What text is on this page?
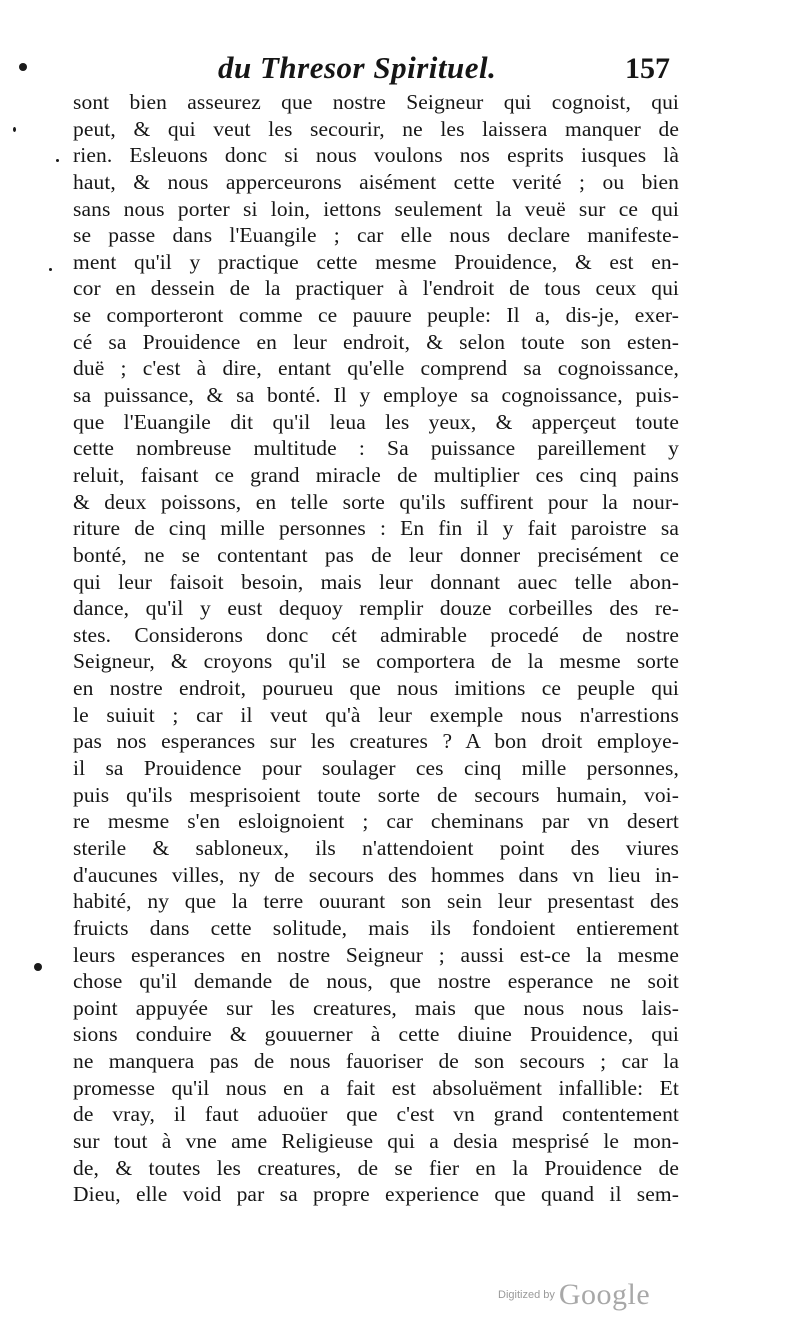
du Thresor Spirituel.	157
sont bien asseurez que nostre Seigneur qui cognoist, qui
peut, & qui veut les secourir, ne les laissera manquer de
rien. Esleuons donc si nous voulons nos esprits iusques là
haut, & nous apperceurons aisément cette verité ; ou bien
sans nous porter si loin, iettons seulement la veuë sur ce qui
se passe dans l'Euangile ; car elle nous declare manifeste-
ment qu'il y practique cette mesme Prouidence, & est en-
cor en dessein de la practiquer à l'endroit de tous ceux qui
se comporteront comme ce pauure peuple: Il a, dis-je, exer-
cé sa Prouidence en leur endroit, & selon toute son esten-
duë ; c'est à dire, entant qu'elle comprend sa cognoissance,
sa puissance, & sa bonté. Il y employe sa cognoissance, puis-
que l'Euangile dit qu'il leua les yeux, & apperçeut toute
cette nombreuse multitude : Sa puissance pareillement y
reluit, faisant ce grand miracle de multiplier ces cinq pains
& deux poissons, en telle sorte qu'ils suffirent pour la nour-
riture de cinq mille personnes : En fin il y fait paroistre sa
bonté, ne se contentant pas de leur donner precisément ce
qui leur faisoit besoin, mais leur donnant auec telle abon-
dance, qu'il y eust dequoy remplir douze corbeilles des re-
stes. Considerons donc cét admirable procedé de nostre
Seigneur, & croyons qu'il se comportera de la mesme sorte
en nostre endroit, pourueu que nous imitions ce peuple qui
le suiuit ; car il veut qu'à leur exemple nous n'arrestions
pas nos esperances sur les creatures ? A bon droit employe-
il sa Prouidence pour soulager ces cinq mille personnes,
puis qu'ils mesprisoient toute sorte de secours humain, voi-
re mesme s'en esloignoient ; car cheminans par vn desert
sterile & sabloneux, ils n'attendoient point des viures
d'aucunes villes, ny de secours des hommes dans vn lieu in-
habité, ny que la terre ouurant son sein leur presentast des
fruicts dans cette solitude, mais ils fondoient entierement
leurs esperances en nostre Seigneur ; aussi est-ce la mesme
chose qu'il demande de nous, que nostre esperance ne soit
point appuyée sur les creatures, mais que nous nous lais-
sions conduire & gouuerner à cette diuine Prouidence, qui
ne manquera pas de nous fauoriser de son secours ; car la
promesse qu'il nous en a fait est absoluëment infallible: Et
de vray, il faut aduoüer que c'est vn grand contentement
sur tout à vne ame Religieuse qui a desia mesprisé le mon-
de, & toutes les creatures, de se fier en la Prouidence de
Dieu, elle void par sa propre experience que quand il sem-
Digitized by Google
